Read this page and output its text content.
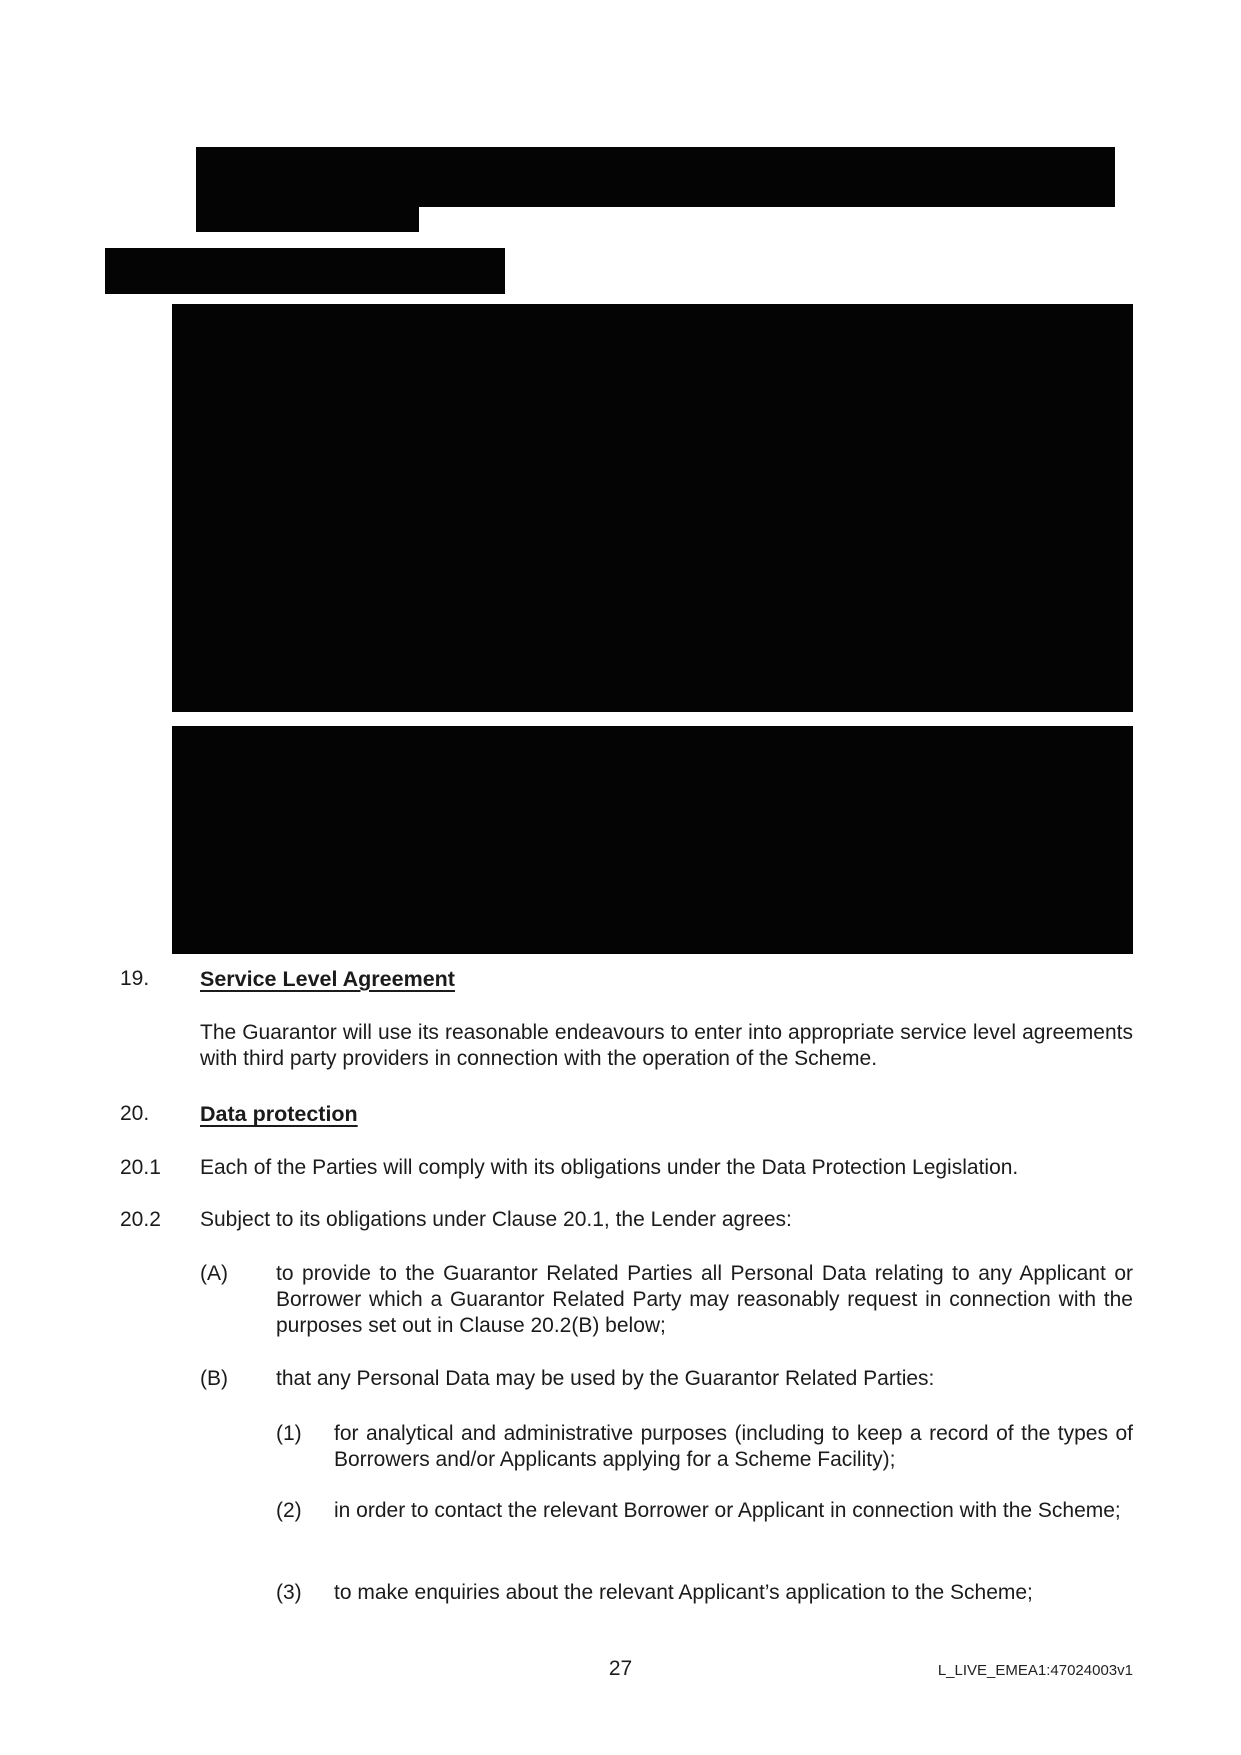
19.	Service Level Agreement

The Guarantor will use its reasonable endeavours to enter into appropriate service level agreements with third party providers in connection with the operation of the Scheme.

20.	Data protection
20.1	Each of the Parties will comply with its obligations under the Data Protection Legislation.

20.2	Subject to its obligations under Clause 20.1, the Lender agrees:

(A)	to provide to the Guarantor Related Parties all Personal Data relating to any Applicant or Borrower which a Guarantor Related Party may reasonably request in connection with the purposes set out in Clause 20.2(B) below;

(B)	that any Personal Data may be used by the Guarantor Related Parties:

(1)	for analytical and administrative purposes (including to keep a record of the types of Borrowers and/or Applicants applying for a Scheme Facility);

(2)	in order to contact the relevant Borrower or Applicant in connection with the Scheme;

(3)	to make enquiries about the relevant Applicant’s application to the Scheme;

27	L_LIVE_EMEA1:47024003v1
